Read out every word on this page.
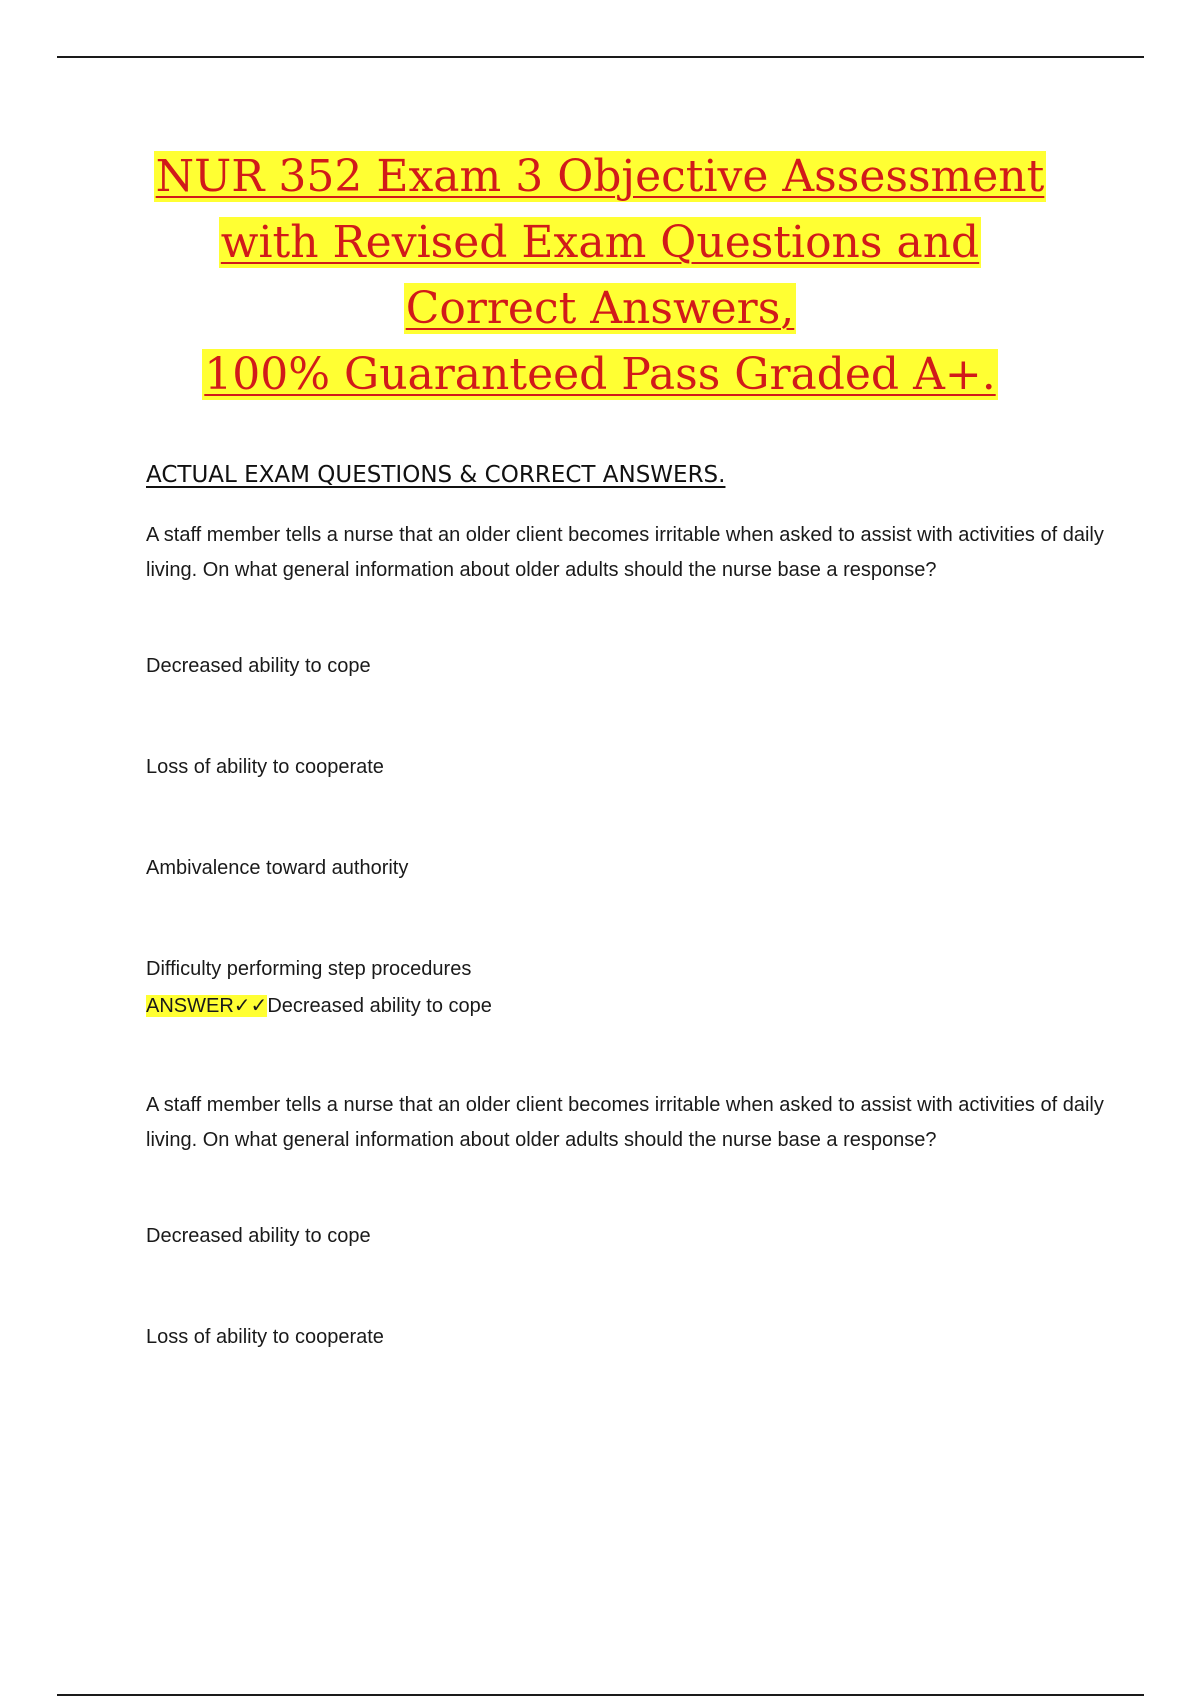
NUR 352 Exam 3 Objective Assessment
with Revised Exam Questions and
Correct Answers,
100% Guaranteed Pass Graded A+.
ACTUAL EXAM QUESTIONS & CORRECT ANSWERS.

A staff member tells a nurse that an older client becomes irritable when asked to assist with activities of daily living. On what general information about older adults should the nurse base a response?

Decreased ability to cope

Loss of ability to cooperate

Ambivalence toward authority

Difficulty performing step procedures

ANSWER✓✓Decreased ability to cope

A staff member tells a nurse that an older client becomes irritable when asked to assist with activities of daily living. On what general information about older adults should the nurse base a response?

Decreased ability to cope

Loss of ability to cooperate
